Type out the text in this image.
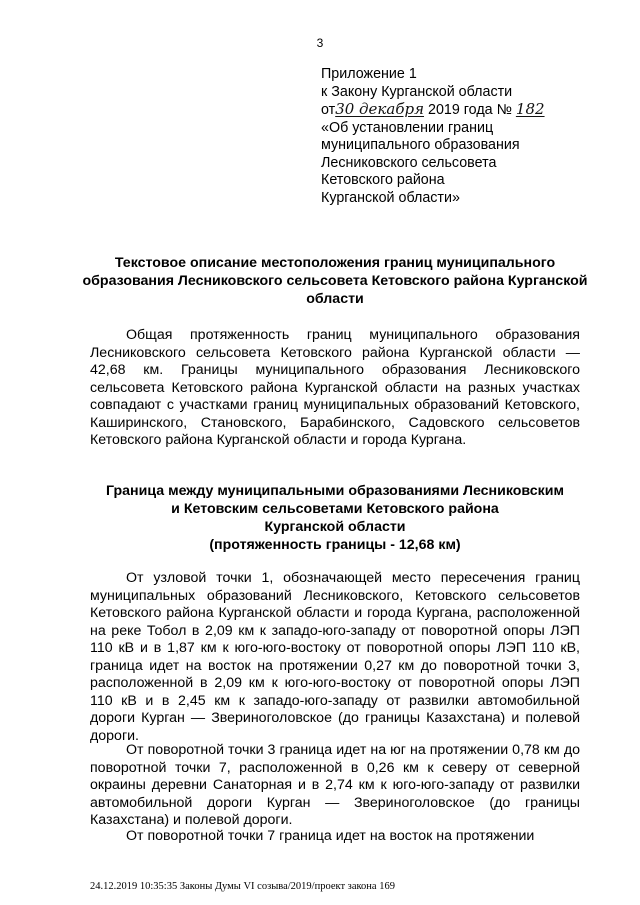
3
Приложение 1
к Закону Курганской области
от30 декабря 2019 года № 182
«Об установлении границ
муниципального образования
Лесниковского сельсовета
Кетовского района
Курганской области»
Текстовое описание местоположения границ муниципального образования Лесниковского сельсовета Кетовского района Курганской области

Общая протяженность границ муниципального образования Лесниковского сельсовета Кетовского района Курганской области — 42,68 км. Границы муниципального образования Лесниковского сельсовета Кетовского района Курганской области на разных участках совпадают с участками границ муниципальных образований Кетовского, Каширинского, Становского, Барабинского, Садовского сельсоветов Кетовского района Курганской области и города Кургана.

Граница между муниципальными образованиями Лесниковским
и Кетовским сельсоветами Кетовского района
Курганской области
(протяженность границы - 12,68 км)

От узловой точки 1, обозначающей место пересечения границ муниципальных образований Лесниковского, Кетовского сельсоветов Кетовского района Курганской области и города Кургана, расположенной на реке Тобол в 2,09 км к западо-юго-западу от поворотной опоры ЛЭП 110 кВ и в 1,87 км к юго-юго-востоку от поворотной опоры ЛЭП 110 кВ, граница идет на восток на протяжении 0,27 км до поворотной точки 3, расположенной в 2,09 км к юго-юго-востоку от поворотной опоры ЛЭП 110 кВ и в 2,45 км к западо-юго-западу от развилки автомобильной дороги Курган — Звериноголовское (до границы Казахстана) и полевой дороги.

От поворотной точки 3 граница идет на юг на протяжении 0,78 км до поворотной точки 7, расположенной в 0,26 км к северу от северной окраины деревни Санаторная и в 2,74 км к юго-юго-западу от развилки автомобильной дороги Курган — Звериноголовское (до границы Казахстана) и полевой дороги.

От поворотной точки 7 граница идет на восток на протяжении

24.12.2019 10:35:35 Законы Думы VI созыва/2019/проект закона 169
